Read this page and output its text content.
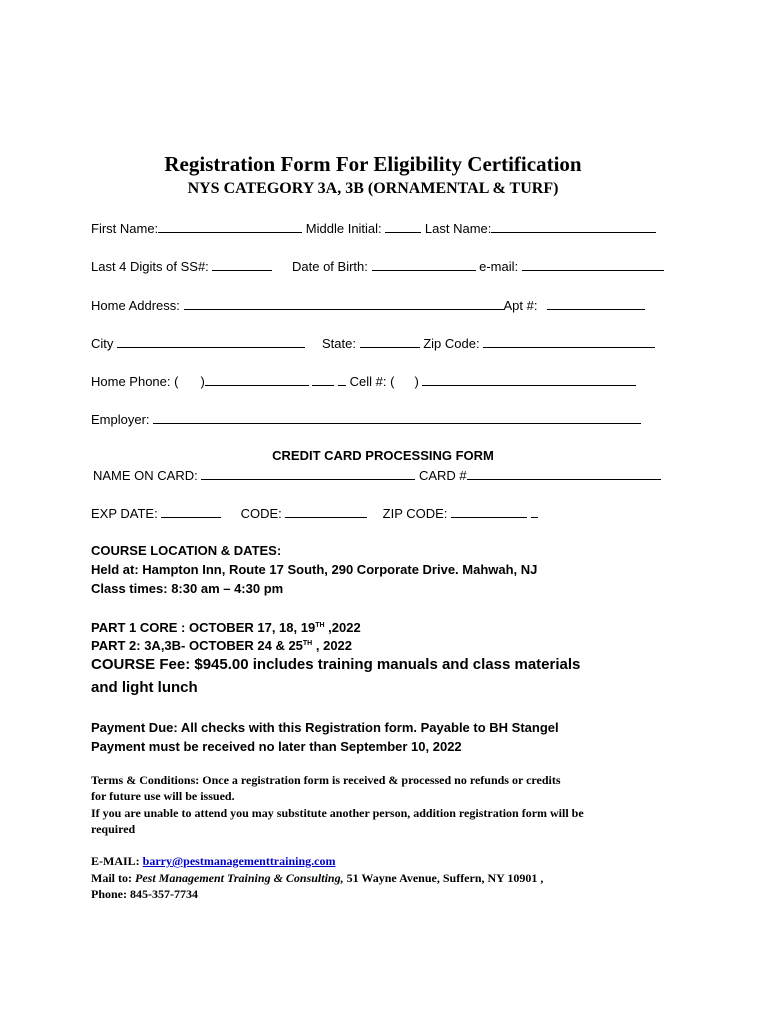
Registration Form For Eligibility Certification
NYS CATEGORY 3A, 3B (ORNAMENTAL & TURF)
First Name:	Middle Initial:	Last Name:
Last 4 Digits of SS#:	Date of Birth:	e-mail:
Home Address:	Apt #:
City	State:	Zip Code:
Home Phone: ( )	Cell #: ( )
Employer:
CREDIT CARD PROCESSING FORM
NAME ON CARD:	CARD #
EXP DATE:	CODE:	ZIP CODE:
COURSE LOCATION & DATES:
Held at: Hampton Inn, Route 17 South, 290 Corporate Drive. Mahwah, NJ
Class times: 8:30 am – 4:30 pm
PART 1 CORE : OCTOBER 17, 18, 19TH ,2022
PART 2: 3A,3B- OCTOBER 24 & 25TH , 2022
COURSE Fee: $945.00 includes training manuals and class materials
and light lunch
Payment Due: All checks with this Registration form. Payable to BH Stangel
Payment must be received no later than September 10, 2022
Terms & Conditions: Once a registration form is received & processed no refunds or credits
for future use will be issued.
If you are unable to attend you may substitute another person, addition registration form will be
required
E-MAIL: barry@pestmanagementtraining.com
Mail to: Pest Management Training & Consulting, 51 Wayne Avenue, Suffern, NY 10901 ,
Phone: 845-357-7734
